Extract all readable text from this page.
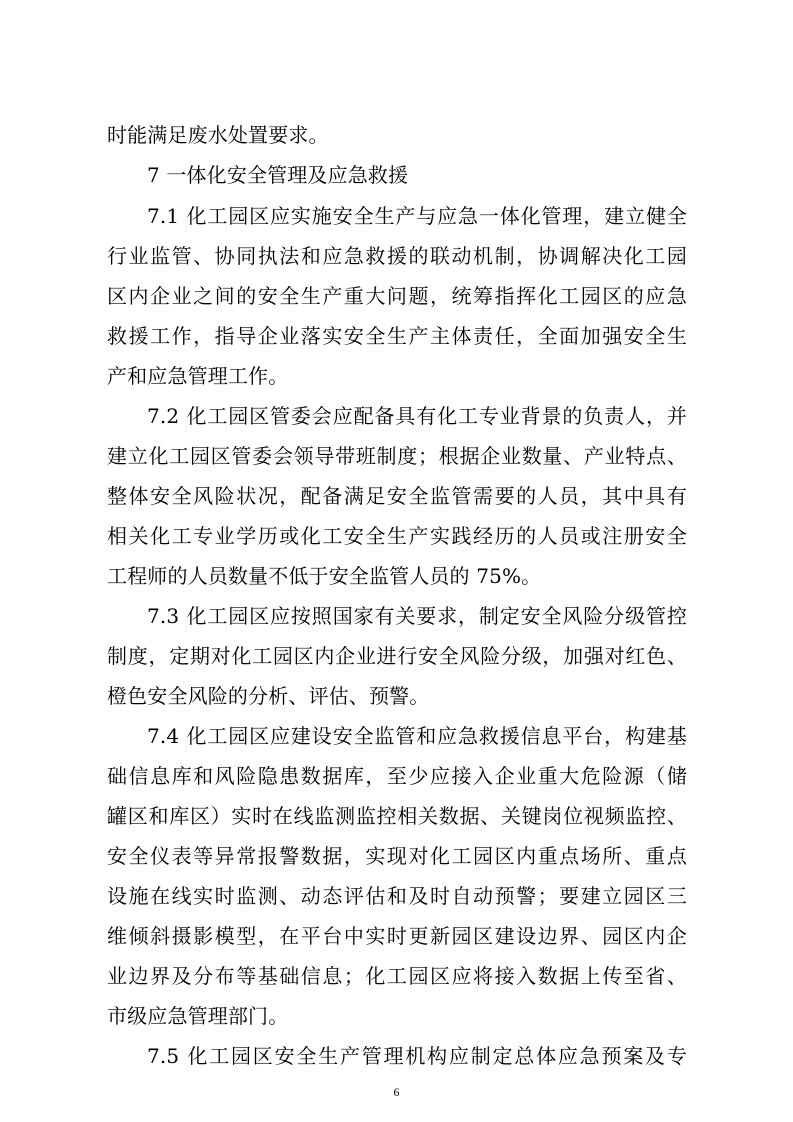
时能满足废水处置要求。
7 一体化安全管理及应急救援
7.1 化工园区应实施安全生产与应急一体化管理，建立健全
行业监管、协同执法和应急救援的联动机制，协调解决化工园
区内企业之间的安全生产重大问题，统筹指挥化工园区的应急
救援工作，指导企业落实安全生产主体责任，全面加强安全生
产和应急管理工作。
7.2 化工园区管委会应配备具有化工专业背景的负责人，并
建立化工园区管委会领导带班制度；根据企业数量、产业特点、
整体安全风险状况，配备满足安全监管需要的人员，其中具有
相关化工专业学历或化工安全生产实践经历的人员或注册安全
工程师的人员数量不低于安全监管人员的 75%。
7.3 化工园区应按照国家有关要求，制定安全风险分级管控
制度，定期对化工园区内企业进行安全风险分级，加强对红色、
橙色安全风险的分析、评估、预警。
7.4 化工园区应建设安全监管和应急救援信息平台，构建基
础信息库和风险隐患数据库，至少应接入企业重大危险源（储
罐区和库区）实时在线监测监控相关数据、关键岗位视频监控、
安全仪表等异常报警数据，实现对化工园区内重点场所、重点
设施在线实时监测、动态评估和及时自动预警；要建立园区三
维倾斜摄影模型，在平台中实时更新园区建设边界、园区内企
业边界及分布等基础信息；化工园区应将接入数据上传至省、
市级应急管理部门。
7.5 化工园区安全生产管理机构应制定总体应急预案及专
6
